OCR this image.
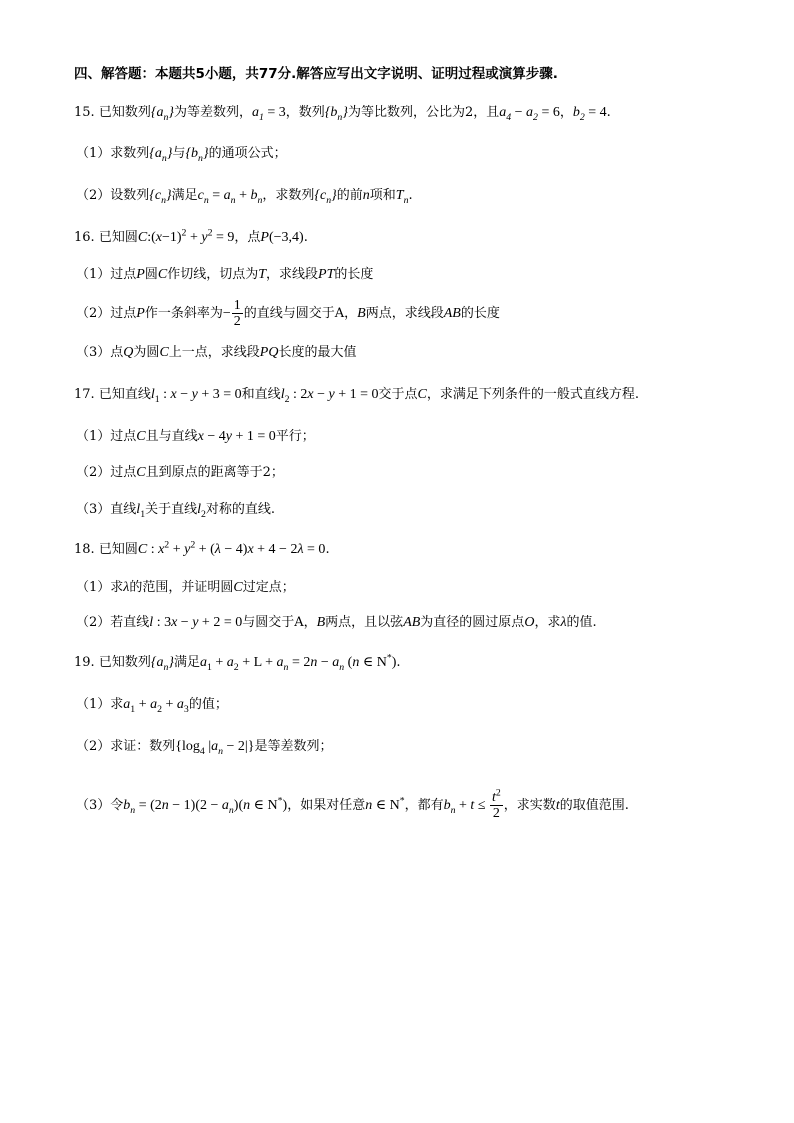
四、解答题：本题共5小题，共77分.解答应写出文字说明、证明过程或演算步骤.
15. 已知数列$\{a_n\}$为等差数列，$a_1 = 3$，数列$\{b_n\}$为等比数列，公比为2，且$a_4 - a_2 = 6$，$b_2 = 4$.
（1）求数列$\{a_n\}$与$\{b_n\}$的通项公式；
（2）设数列$\{c_n\}$满足$c_n = a_n + b_n$，求数列$\{c_n\}$的前n项和$T_n$.
16. 已知圆$C:(x-1)^2 + y^2 = 9$，点P(−3,4).
（1）过点P圆C作切线，切点为T，求线段PT的长度
（2）过点P作一条斜率为− $\frac{1}{2}$ 的直线与圆交于A，B两点，求线段AB的长度
（3）点Q为圆C上一点，求线段PQ长度的最大值
17. 已知直线$l_1$ : x − y + 3 = 0和直线$l_2$ : 2x − y + 1 = 0交于点C，求满足下列条件的一般式直线方程.
（1）过点C且与直线x − 4y + 1 = 0平行；
（2）过点C且到原点的距离等于2；
（3）直线$l_1$关于直线$l_2$对称的直线.
18. 已知圆C : $x^2 + y^2 + (\lambda - 4)x + 4 - 2\lambda = 0$.
（1）求λ的范围，并证明圆C过定点；
（2）若直线l : 3x − y + 2 = 0与圆交于A，B两点，且以弦AB为直径的圆过原点O，求λ的值.
19. 已知数列$\{a_n\}$满足$a_1 + a_2 + L + a_n = 2n - a_n$ (n ∈ N*).
（1）求$a_1 + a_2 + a_3$的值；
（2）求证：数列{$\log_4$ $|a_n - 2|$}是等差数列；
（3）令$b_n = (2n - 1)(2 - a_n)(n$ ∈ N*)，如果对任意n ∈ N*，都有$b_n + t \le \frac{t^2}{2}$ ，求实数t的取值范围.
